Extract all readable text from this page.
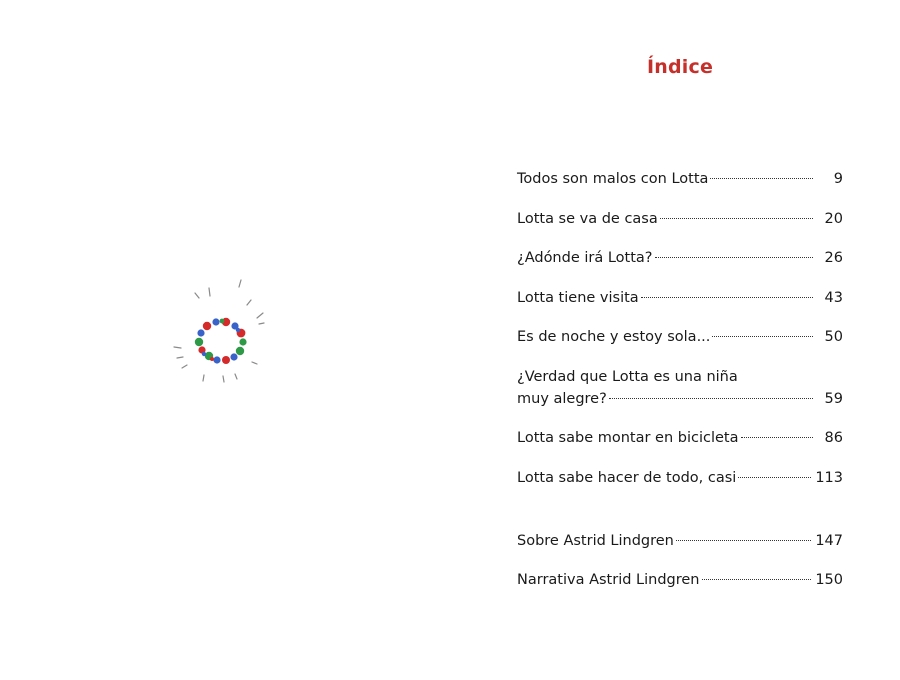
Índice
Todos son malos con Lotta	9
Lotta se va de casa	20
¿Adónde irá Lotta?	26
Lotta tiene visita	43
Es de noche y estoy sola...	50
¿Verdad que Lotta es una niña
muy alegre?	59
Lotta sabe montar en bicicleta	86
Lotta sabe hacer de todo, casi	113
Sobre Astrid Lindgren	147
Narrativa Astrid Lindgren	150
